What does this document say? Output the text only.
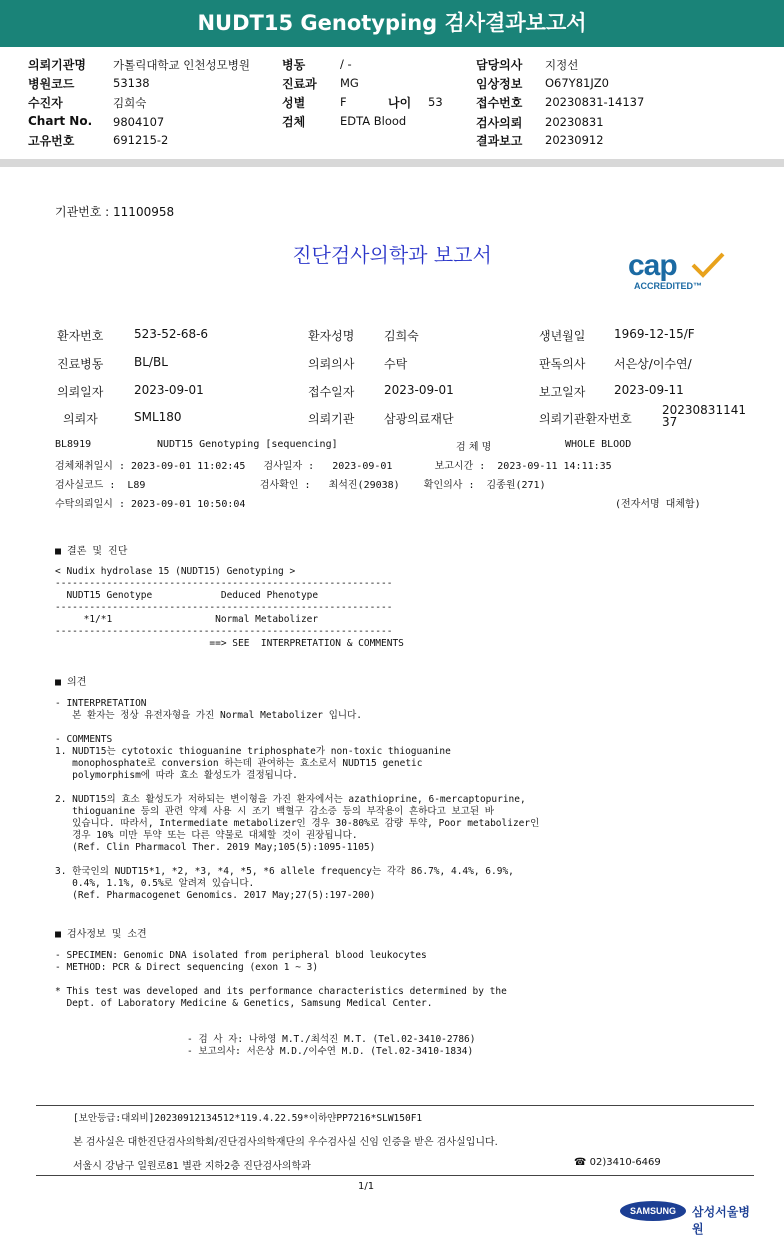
NUDT15 Genotyping 검사결과보고서
의뢰기관명 가톨릭대학교 인천성모병원
병원코드	53138
수진자	김희숙
Chart No. 9804107
고유번호	691215-2
병동	/ -
진료과 MG
성별	F	나이 53
검체	EDTA Blood
담당의사 지정선
임상정보 O67Y81JZ0
접수번호 20230831-14137
검사의뢰 20230831
결과보고 20230912
기관번호 : 11100958
진단검사의학과 보고서	cap
ACCREDITED™
환자번호	523-52-68-6	환자성명 김희숙	생년월일 1969-12-15/F
진료병동	BL/BL	의뢰의사 수탁	판독의사 서은상/이수연/
의뢰일자	2023-09-01	접수일자 2023-09-01	보고일자 2023-09-11
의뢰자	SML180	의뢰기관 삼광의료재단	의뢰기관환자번호
2023083114137
BL8919	NUDT15 Genotyping [sequencing]	검 체 명	WHOLE BLOOD
검체채취일시 : 2023-09-01 11:02:45   검사일자 :   2023-09-01       보고시간 :  2023-09-11 14:11:35
검사실코드 :  L89                   검사확인 :   최석진(29038)    확인의사 :  김종원(271)
수탁의뢰일시 : 2023-09-01 10:50:04	(전자서명 대체함)
■ 결론 및 진단
< Nudix hydrolase 15 (NUDT15) Genotyping >
-----------------------------------------------------------
NUDT15 Genotype            Deduced Phenotype
-----------------------------------------------------------
*1/*1                  Normal Metabolizer
-----------------------------------------------------------
==> SEE  INTERPRETATION & COMMENTS
■ 의견
- INTERPRETATION
본 환자는 정상 유전자형을 가진 Normal Metabolizer 입니다.

- COMMENTS
1. NUDT15는 cytotoxic thioguanine triphosphate가 non-toxic thioguanine
monophosphate로 conversion 하는데 관여하는 효소로서 NUDT15 genetic
polymorphism에 따라 효소 활성도가 결정됩니다.

2. NUDT15의 효소 활성도가 저하되는 변이형을 가진 환자에서는 azathioprine, 6-mercaptopurine,
thioguanine 등의 관련 약제 사용 시 조기 백혈구 감소증 등의 부작용이 흔하다고 보고된 바
있습니다. 따라서, Intermediate metabolizer인 경우 30-80%로 감량 투약, Poor metabolizer인
경우 10% 미만 투약 또는 다른 약물로 대체할 것이 권장됩니다.
(Ref. Clin Pharmacol Ther. 2019 May;105(5):1095-1105)

3. 한국인의 NUDT15*1, *2, *3, *4, *5, *6 allele frequency는 각각 86.7%, 4.4%, 6.9%,
0.4%, 1.1%, 0.5%로 알려져 있습니다.
(Ref. Pharmacogenet Genomics. 2017 May;27(5):197-200)
■ 검사정보 및 소견
- SPECIMEN: Genomic DNA isolated from peripheral blood leukocytes
- METHOD: PCR & Direct sequencing (exon 1 ~ 3)

* This test was developed and its performance characteristics determined by the
Dept. of Laboratory Medicine & Genetics, Samsung Medical Center.
- 검 사 자: 나하영 M.T./최석진 M.T. (Tel.02-3410-2786)
- 보고의사: 서은상 M.D./이수연 M.D. (Tel.02-3410-1834)
[보안등급:대외비]20230912134512*119.4.22.59*이하얀PP7216*SLW150F1
본 검사실은 대한진단검사의학회/진단검사의학재단의 우수검사실 신임 인증을 받은 검사실입니다.
서울시 강남구 일원로81 별관 지하2층 진단검사의학과	☎ 02)3410-6469
1/1
SAMSUNG	삼성서울병원
